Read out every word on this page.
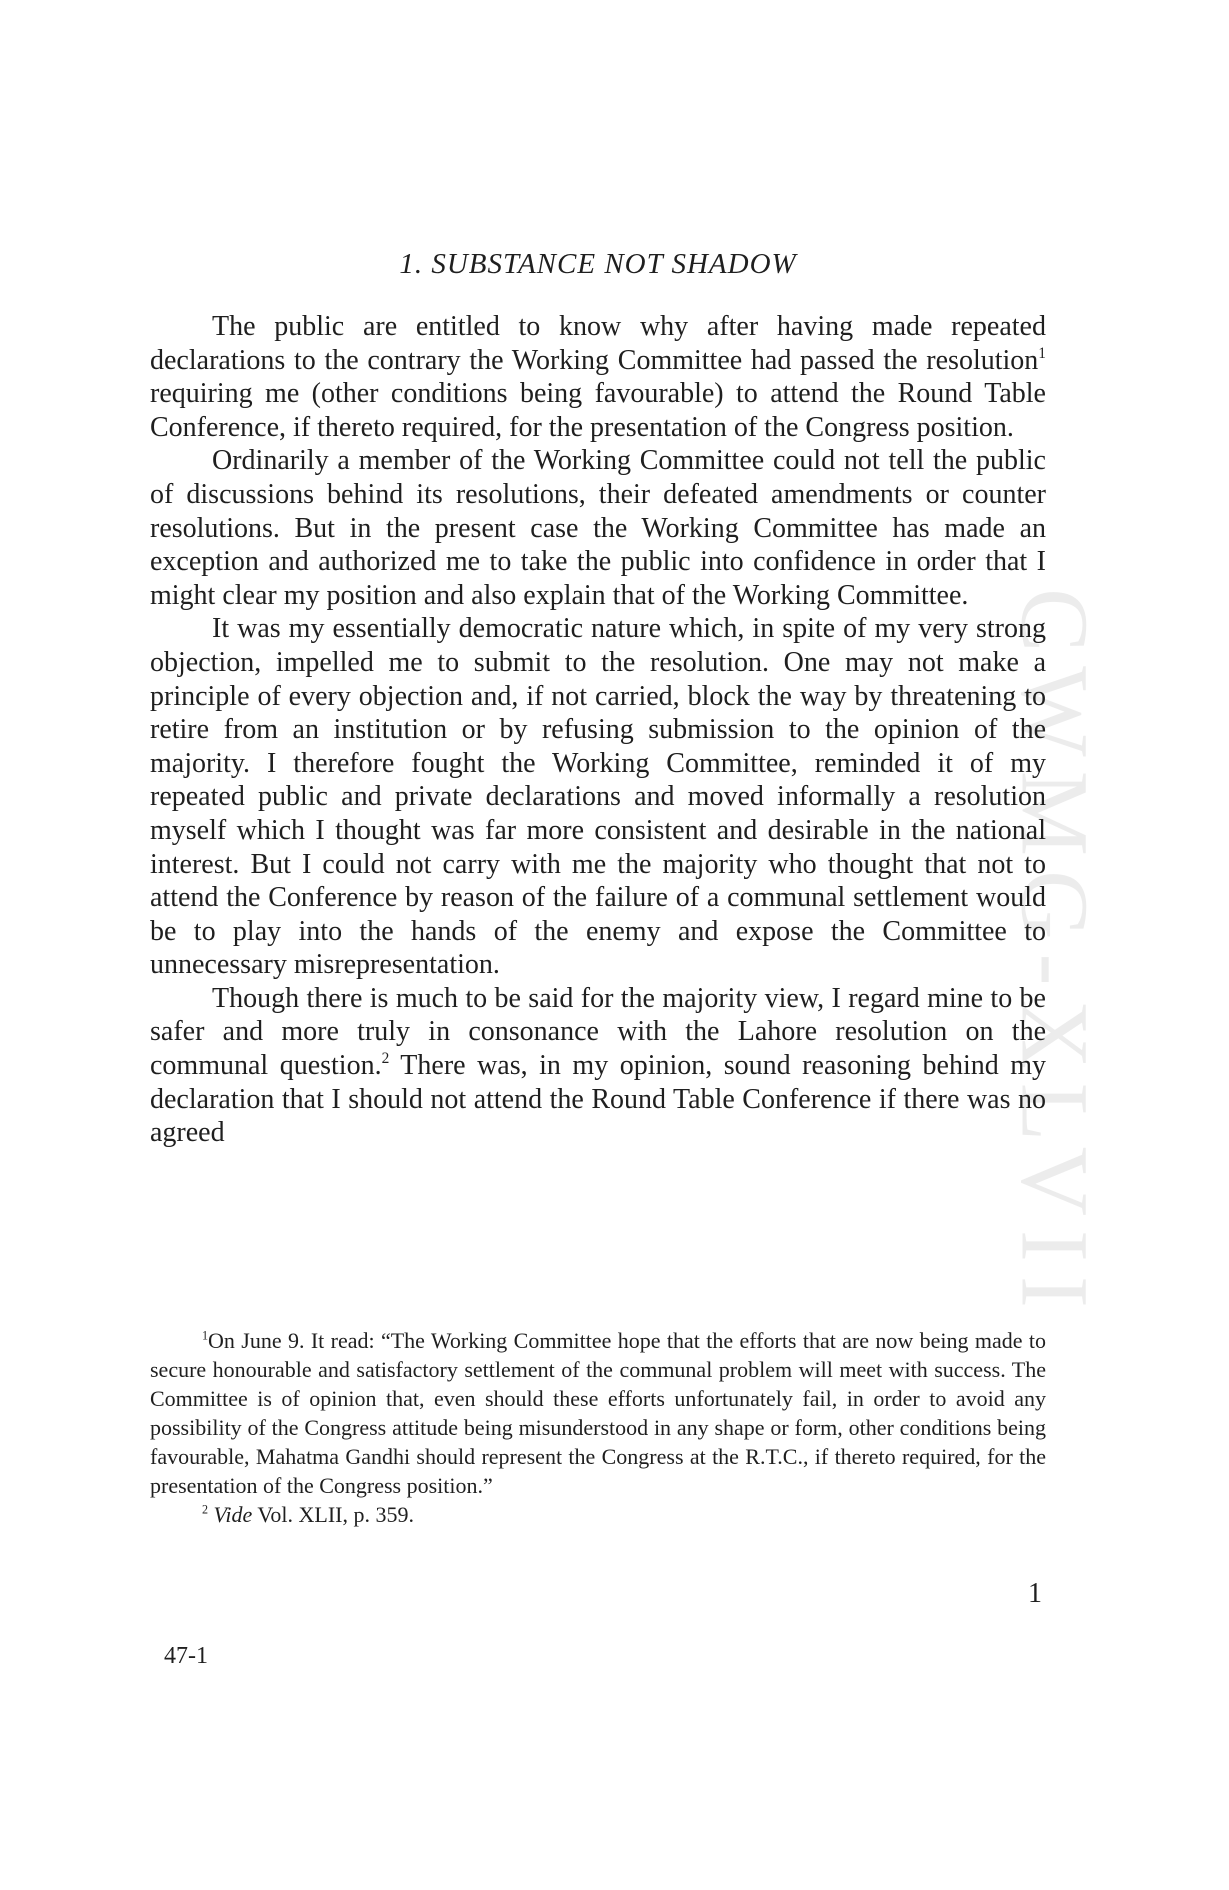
CWMG-XLVII
1. SUBSTANCE NOT SHADOW

The public are entitled to know why after having made repeated declarations to the contrary the Working Committee had passed the resolution$^1$ requiring me (other conditions being favourable) to attend the Round Table Conference, if thereto required, for the presentation of the Congress position.

Ordinarily a member of the Working Committee could not tell the public of discussions behind its resolutions, their defeated amendments or counter resolutions. But in the present case the Working Committee has made an exception and authorized me to take the public into confidence in order that I might clear my position and also explain that of the Working Committee.

It was my essentially democratic nature which, in spite of my very strong objection, impelled me to submit to the resolution. One may not make a principle of every objection and, if not carried, block the way by threatening to retire from an institution or by refusing submission to the opinion of the majority. I therefore fought the Working Committee, reminded it of my repeated public and private declarations and moved informally a resolution myself which I thought was far more consistent and desirable in the national interest. But I could not carry with me the majority who thought that not to attend the Conference by reason of the failure of a communal settlement would be to play into the hands of the enemy and expose the Committee to unnecessary misrepresentation.

Though there is much to be said for the majority view, I regard mine to be safer and more truly in consonance with the Lahore resolution on the communal question.$^2$ There was, in my opinion, sound reasoning behind my declaration that I should not attend the Round Table Conference if there was no agreed

$^1$On June 9. It read: “The Working Committee hope that the efforts that are now being made to secure honourable and satisfactory settlement of the communal problem will meet with success. The Committee is of opinion that, even should these efforts unfortunately fail, in order to avoid any possibility of the Congress attitude being misunderstood in any shape or form, other conditions being favourable, Mahatma Gandhi should represent the Congress at the R.T.C., if thereto required, for the presentation of the Congress position.”

$^2$ Vide Vol. XLII, p. 359.

1
47-1
